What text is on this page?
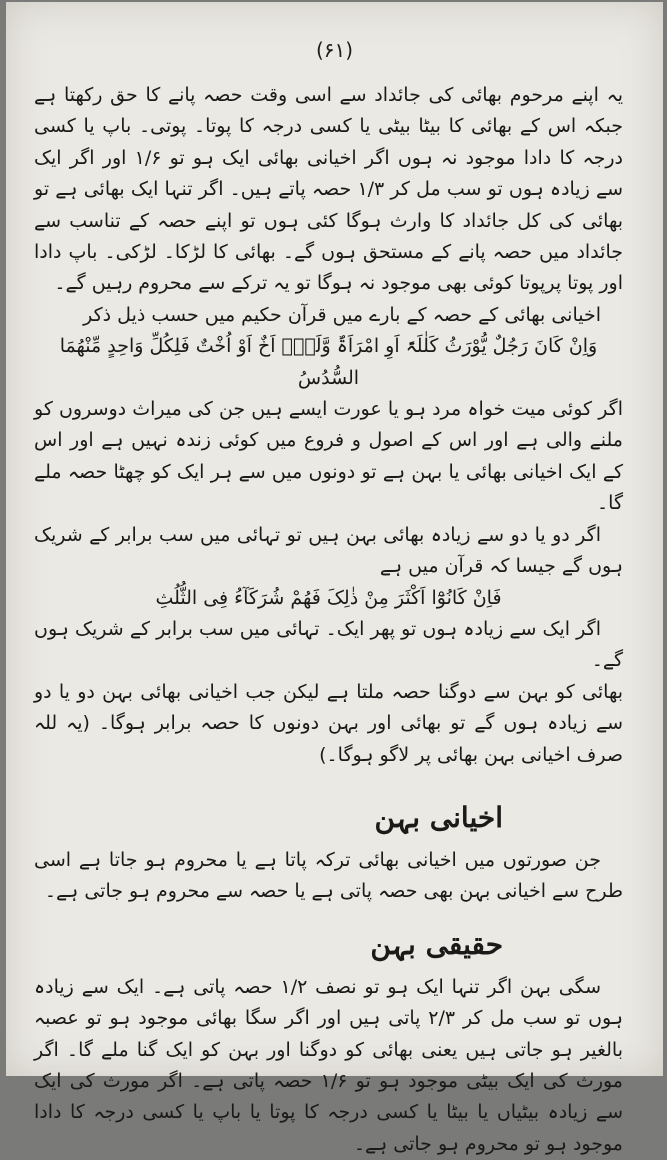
(۶۱)

یہ اپنے مرحوم بھائی کی جائداد سے اسی وقت حصہ پانے کا حق رکھتا ہے جبکہ اس کے بھائی کا بیٹا بیٹی یا کسی درجہ کا پوتا۔ پوتی۔ باپ یا کسی درجہ کا دادا موجود نہ ہوں اگر اخیانی بھائی ایک ہو تو ۱/۶ اور اگر ایک سے زیادہ ہوں تو سب مل کر ۱/۳ حصہ پاتے ہیں۔ اگر تنہا ایک بھائی ہے تو بھائی کی کل جائداد کا وارث ہوگا کئی ہوں تو اپنے حصہ کے تناسب سے جائداد میں حصہ پانے کے مستحق ہوں گے۔ بھائی کا لڑکا۔ لڑکی۔ باپ دادا اور پوتا پرپوتا کوئی بھی موجود نہ ہوگا تو یہ ترکے سے محروم رہیں گے۔

اخیانی بھائی کے حصہ کے بارے میں قرآن حکیم میں حسب ذیل ذکر

وَاِنْ کَانَ رَجُلٌ یُّوْرَثُ کَلٰلَۃً اَوِ امْرَاَۃٌ وَّلَہٗٓ اَخٌ اَوْ اُخْتٌ فَلِکُلِّ وَاحِدٍ مِّنْھُمَا السُّدُسُ

اگر کوئی میت خواہ مرد ہو یا عورت ایسے ہیں جن کی میراث دوسروں کو ملنے والی ہے اور اس کے اصول و فروع میں کوئی زندہ نہیں ہے اور اس کے ایک اخیانی بھائی یا بہن ہے تو دونوں میں سے ہر ایک کو چھٹا حصہ ملے گا۔

اگر دو یا دو سے زیادہ بھائی بہن ہیں تو تہائی میں سب برابر کے شریک ہوں گے جیسا کہ قرآن میں ہے

فَاِنْ کَانُوْٓا اَکْثَرَ مِنْ ذٰلِکَ فَھُمْ شُرَکَآءُ فِی الثُّلُثِ

اگر ایک سے زیادہ ہوں تو پھر ایک۔ تہائی میں سب برابر کے شریک ہوں گے۔

بھائی کو بہن سے دوگنا حصہ ملتا ہے لیکن جب اخیانی بھائی بہن دو یا دو سے زیادہ ہوں گے تو بھائی اور بہن دونوں کا حصہ برابر ہوگا۔ (یہ للہ صرف اخیانی بہن بھائی پر لاگو ہوگا۔)

اخیانی بہن

جن صورتوں میں اخیانی بھائی ترکہ پاتا ہے یا محروم ہو جاتا ہے اسی طرح سے اخیانی بہن بھی حصہ پاتی ہے یا حصہ سے محروم ہو جاتی ہے۔

حقیقی بہن

سگی بہن اگر تنہا ایک ہو تو نصف ۱/۲ حصہ پاتی ہے۔ ایک سے زیادہ ہوں تو سب مل کر ۲/۳ پاتی ہیں اور اگر سگا بھائی موجود ہو تو عصبہ بالغیر ہو جاتی ہیں یعنی بھائی کو دوگنا اور بہن کو ایک گنا ملے گا۔ اگر مورث کی ایک بیٹی موجود ہو تو ۱/۶ حصہ پاتی ہے۔ اگر مورث کی ایک سے زیادہ بیٹیاں یا بیٹا یا کسی درجہ کا پوتا یا باپ یا کسی درجہ کا دادا موجود ہو تو محروم ہو جاتی ہے۔
